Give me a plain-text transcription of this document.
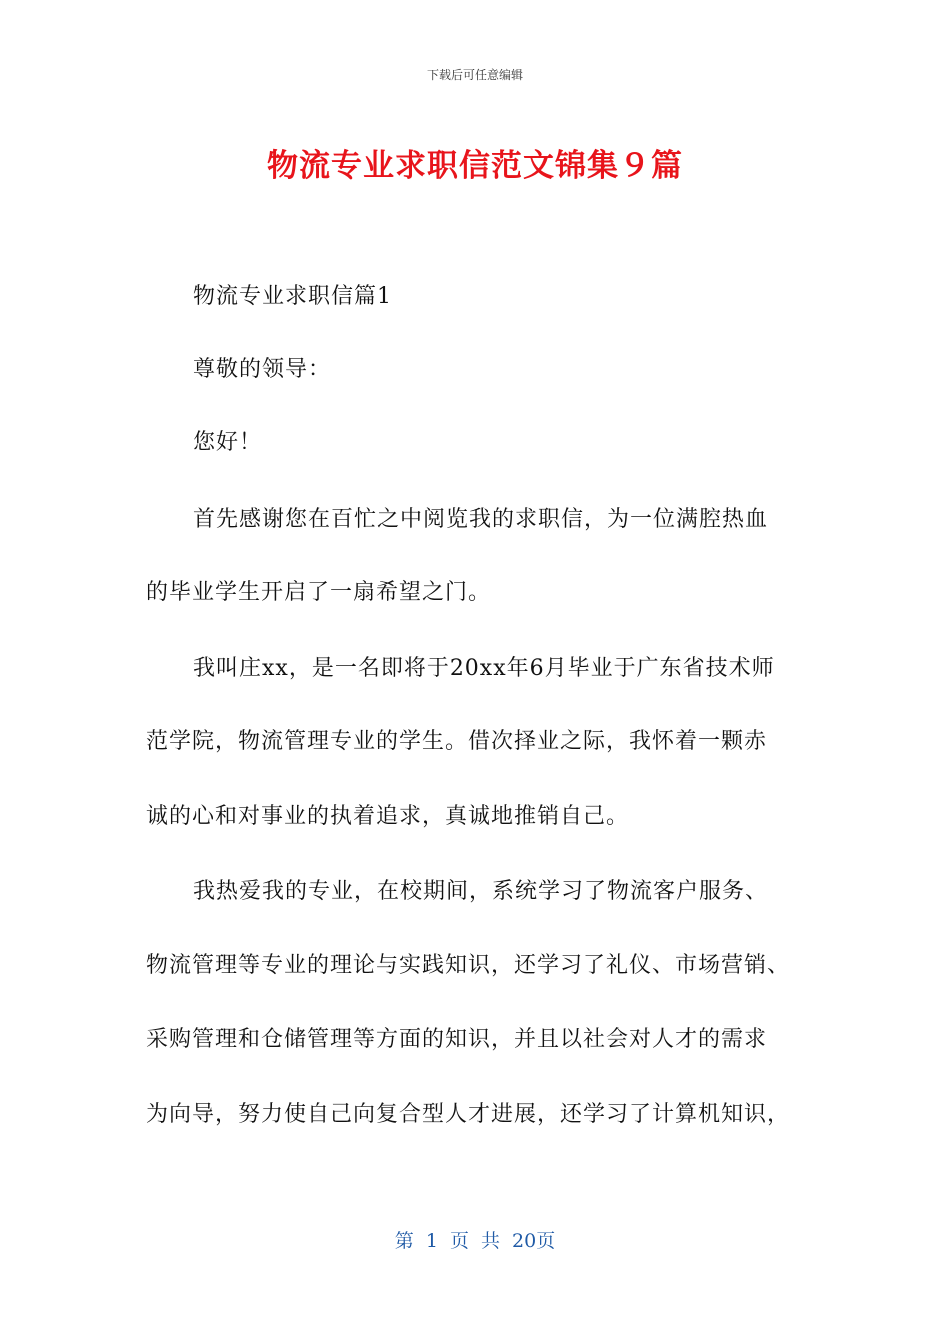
下载后可任意编辑
物流专业求职信范文锦集９篇
物流专业求职信篇1
尊敬的领导：
您好！
首先感谢您在百忙之中阅览我的求职信，为一位满腔热血
的毕业学生开启了一扇希望之门。
我叫庄xx，是一名即将于20xx年6月毕业于广东省技术师
范学院，物流管理专业的学生。借次择业之际，我怀着一颗赤
诚的心和对事业的执着追求，真诚地推销自己。
我热爱我的专业，在校期间，系统学习了物流客户服务、
物流管理等专业的理论与实践知识，还学习了礼仪、市场营销、
采购管理和仓储管理等方面的知识，并且以社会对人才的需求
为向导，努力使自己向复合型人才进展，还学习了计算机知识，
第 1 页 共 20页
